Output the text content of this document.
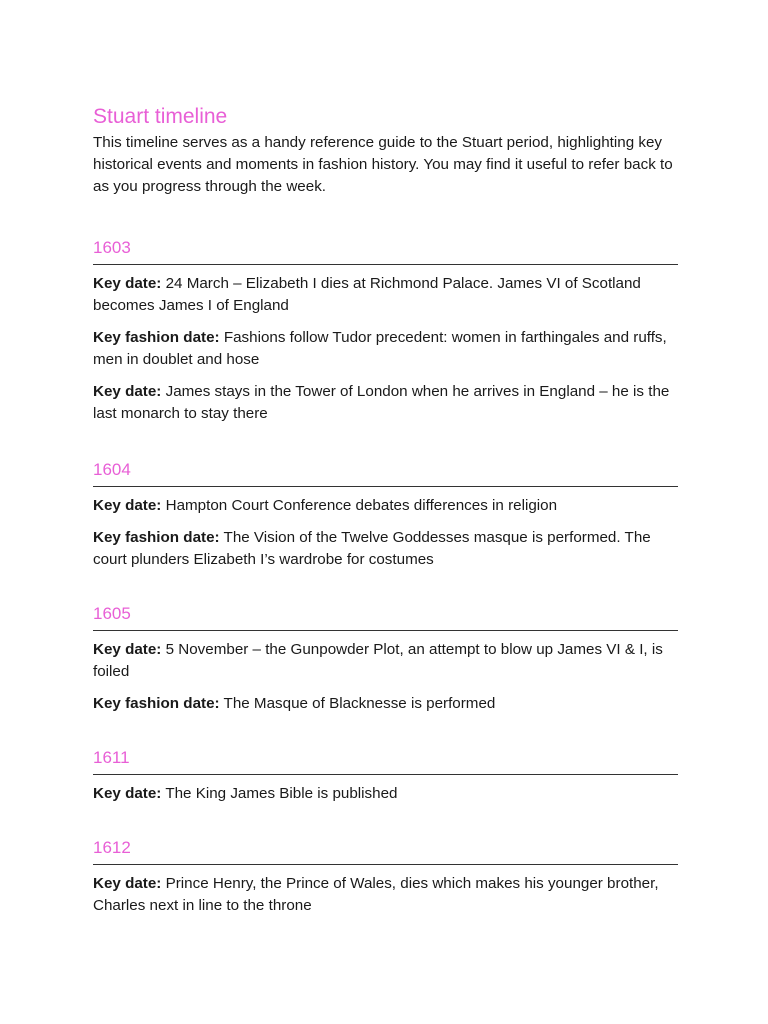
Stuart timeline

This timeline serves as a handy reference guide to the Stuart period, highlighting key historical events and moments in fashion history. You may find it useful to refer back to as you progress through the week.

1603

Key date: 24 March – Elizabeth I dies at Richmond Palace. James VI of Scotland becomes James I of England

Key fashion date: Fashions follow Tudor precedent: women in farthingales and ruffs, men in doublet and hose

Key date: James stays in the Tower of London when he arrives in England – he is the last monarch to stay there

1604

Key date: Hampton Court Conference debates differences in religion

Key fashion date: The Vision of the Twelve Goddesses masque is performed. The court plunders Elizabeth I’s wardrobe for costumes

1605

Key date: 5 November – the Gunpowder Plot, an attempt to blow up James VI & I, is foiled

Key fashion date: The Masque of Blacknesse is performed

1611

Key date: The King James Bible is published

1612

Key date: Prince Henry, the Prince of Wales, dies which makes his younger brother, Charles next in line to the throne
